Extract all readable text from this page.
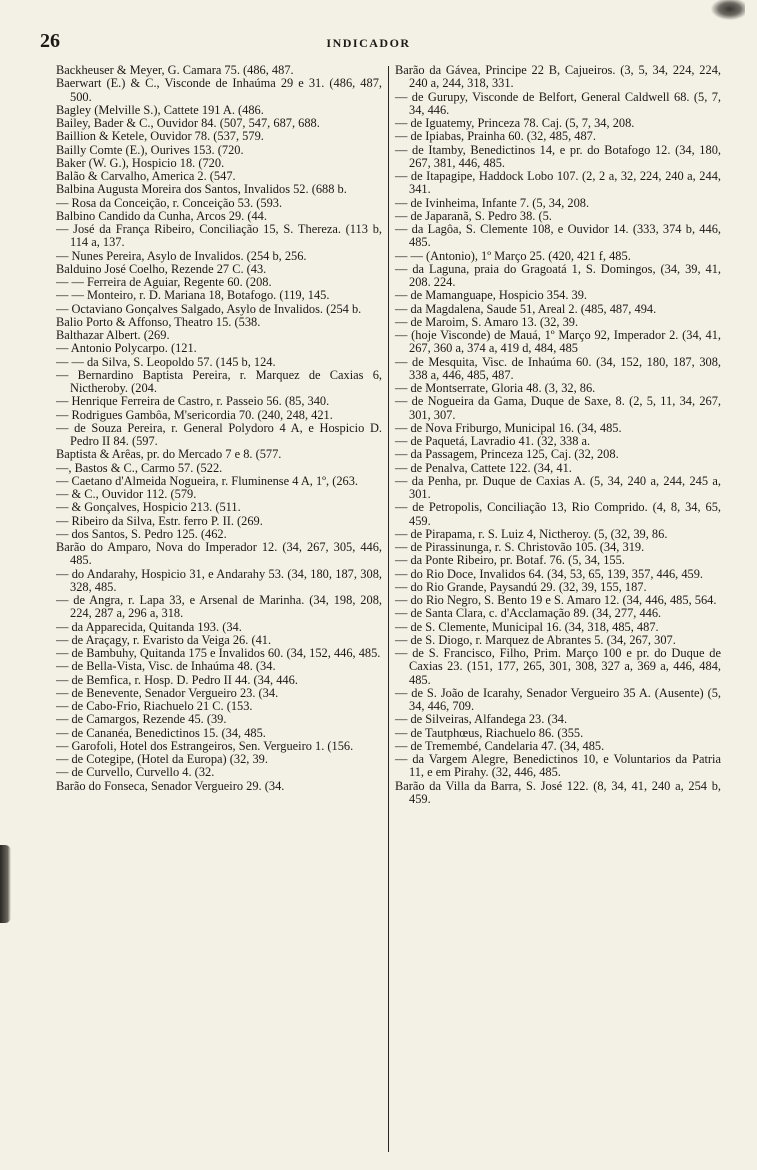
26	INDICADOR

Backheuser & Meyer, G. Camara 75. (486, 487.

Baerwart (E.) & C., Visconde de Inhaúma 29 e 31. (486, 487, 500.

Bagley (Melville S.), Cattete 191 A. (486.

Bailey, Bader & C., Ouvidor 84. (507, 547, 687, 688.

Baillion & Ketele, Ouvidor 78. (537, 579.

Bailly Comte (E.), Ourives 153. (720.

Baker (W. G.), Hospicio 18. (720.

Balão & Carvalho, America 2. (547.

Balbina Augusta Moreira dos Santos, Invalidos 52. (688 b.

— Rosa da Conceição, r. Conceição 53. (593.

Balbino Candido da Cunha, Arcos 29. (44.

— José da França Ribeiro, Conciliação 15, S. Thereza. (113 b, 114 a, 137.

— Nunes Pereira, Asylo de Invalidos. (254 b, 256.

Balduino José Coelho, Rezende 27 C. (43.

— — Ferreira de Aguiar, Regente 60. (208.

— — Monteiro, r. D. Mariana 18, Botafogo. (119, 145.

— Octaviano Gonçalves Salgado, Asylo de Invalidos. (254 b.

Balio Porto & Affonso, Theatro 15. (538.

Balthazar Albert. (269.

— Antonio Polycarpo. (121.

— — da Silva, S. Leopoldo 57. (145 b, 124.

— Bernardino Baptista Pereira, r. Marquez de Caxias 6, Nictheroby. (204.

— Henrique Ferreira de Castro, r. Passeio 56. (85, 340.

— Rodrigues Gambôa, M'sericordia 70. (240, 248, 421.

— de Souza Pereira, r. General Polydoro 4 A, e Hospicio D. Pedro II 84. (597.

Baptista & Arêas, pr. do Mercado 7 e 8. (577.

—, Bastos & C., Carmo 57. (522.

— Caetano d'Almeida Nogueira, r. Fluminense 4 A, 1º, (263.

— & C., Ouvidor 112. (579.

— & Gonçalves, Hospicio 213. (511.

— Ribeiro da Silva, Estr. ferro P. II. (269.

— dos Santos, S. Pedro 125. (462.

Barão do Amparo, Nova do Imperador 12. (34, 267, 305, 446, 485.

— do Andarahy, Hospicio 31, e Andarahy 53. (34, 180, 187, 308, 328, 485.

— de Angra, r. Lapa 33, e Arsenal de Marinha. (34, 198, 208, 224, 287 a, 296 a, 318.

— da Apparecida, Quitanda 193. (34.

— de Araçagy, r. Evaristo da Veiga 26. (41.

— de Bambuhy, Quitanda 175 e Invalidos 60. (34, 152, 446, 485.

— de Bella-Vista, Visc. de Inhaúma 48. (34.

— de Bemfica, r. Hosp. D. Pedro II 44. (34, 446.

— de Benevente, Senador Vergueiro 23. (34.

— de Cabo-Frio, Riachuelo 21 C. (153.

— de Camargos, Rezende 45. (39.

— de Cananéa, Benedictinos 15. (34, 485.

— Garofoli, Hotel dos Estrangeiros, Sen. Vergueiro 1. (156.

— de Cotegipe, (Hotel da Europa) (32, 39.

— de Curvello, Curvello 4. (32.

Barão do Fonseca, Senador Vergueiro 29. (34.

Barão da Gávea, Principe 22 B, Cajueiros. (3, 5, 34, 224, 224, 240 a, 244, 318, 331.

— de Gurupy, Visconde de Belfort, General Caldwell 68. (5, 7, 34, 446.

— de Iguatemy, Princeza 78. Caj. (5, 7, 34, 208.

— de Ipiabas, Prainha 60. (32, 485, 487.

— de Itamby, Benedictinos 14, e pr. do Botafogo 12. (34, 180, 267, 381, 446, 485.

— de Itapagipe, Haddock Lobo 107. (2, 2 a, 32, 224, 240 a, 244, 341.

— de Ivinheima, Infante 7. (5, 34, 208.

— de Japaranã, S. Pedro 38. (5.

— da Lagôa, S. Clemente 108, e Ouvidor 14. (333, 374 b, 446, 485.

— — (Antonio), 1º Março 25. (420, 421 f, 485.

— da Laguna, praia do Gragoatá 1, S. Domingos, (34, 39, 41, 208. 224.

— de Mamanguape, Hospicio 354. 39.

— da Magdalena, Saude 51, Areal 2. (485, 487, 494.

— de Maroim, S. Amaro 13. (32, 39.

— (hoje Visconde) de Mauá, 1º Março 92, Imperador 2. (34, 41, 267, 360 a, 374 a, 419 d, 484, 485

— de Mesquita, Visc. de Inhaúma 60. (34, 152, 180, 187, 308, 338 a, 446, 485, 487.

— de Montserrate, Gloria 48. (3, 32, 86.

— de Nogueira da Gama, Duque de Saxe, 8. (2, 5, 11, 34, 267, 301, 307.

— de Nova Friburgo, Municipal 16. (34, 485.

— de Paquetá, Lavradio 41. (32, 338 a.

— da Passagem, Princeza 125, Caj. (32, 208.

— de Penalva, Cattete 122. (34, 41.

— da Penha, pr. Duque de Caxias A. (5, 34, 240 a, 244, 245 a, 301.

— de Petropolis, Conciliação 13, Rio Comprido. (4, 8, 34, 65, 459.

— de Pirapama, r. S. Luiz 4, Nictheroy. (5, (32, 39, 86.

— de Pirassinunga, r. S. Christovão 105. (34, 319.

— da Ponte Ribeiro, pr. Botaf. 76. (5, 34, 155.

— do Rio Doce, Invalidos 64. (34, 53, 65, 139, 357, 446, 459.

— do Rio Grande, Paysandú 29. (32, 39, 155, 187.

— do Rio Negro, S. Bento 19 e S. Amaro 12. (34, 446, 485, 564.

— de Santa Clara, c. d'Acclamação 89. (34, 277, 446.

— de S. Clemente, Municipal 16. (34, 318, 485, 487.

— de S. Diogo, r. Marquez de Abrantes 5. (34, 267, 307.

— de S. Francisco, Filho, Prim. Março 100 e pr. do Duque de Caxias 23. (151, 177, 265, 301, 308, 327 a, 369 a, 446, 484, 485.

— de S. João de Icarahy, Senador Vergueiro 35 A. (Ausente) (5, 34, 446, 709.

— de Silveiras, Alfandega 23. (34.

— de Tautphœus, Riachuelo 86. (355.

— de Tremembé, Candelaria 47. (34, 485.

— da Vargem Alegre, Benedictinos 10, e Voluntarios da Patria 11, e em Pirahy. (32, 446, 485.

Barão da Villa da Barra, S. José 122. (8, 34, 41, 240 a, 254 b, 459.
